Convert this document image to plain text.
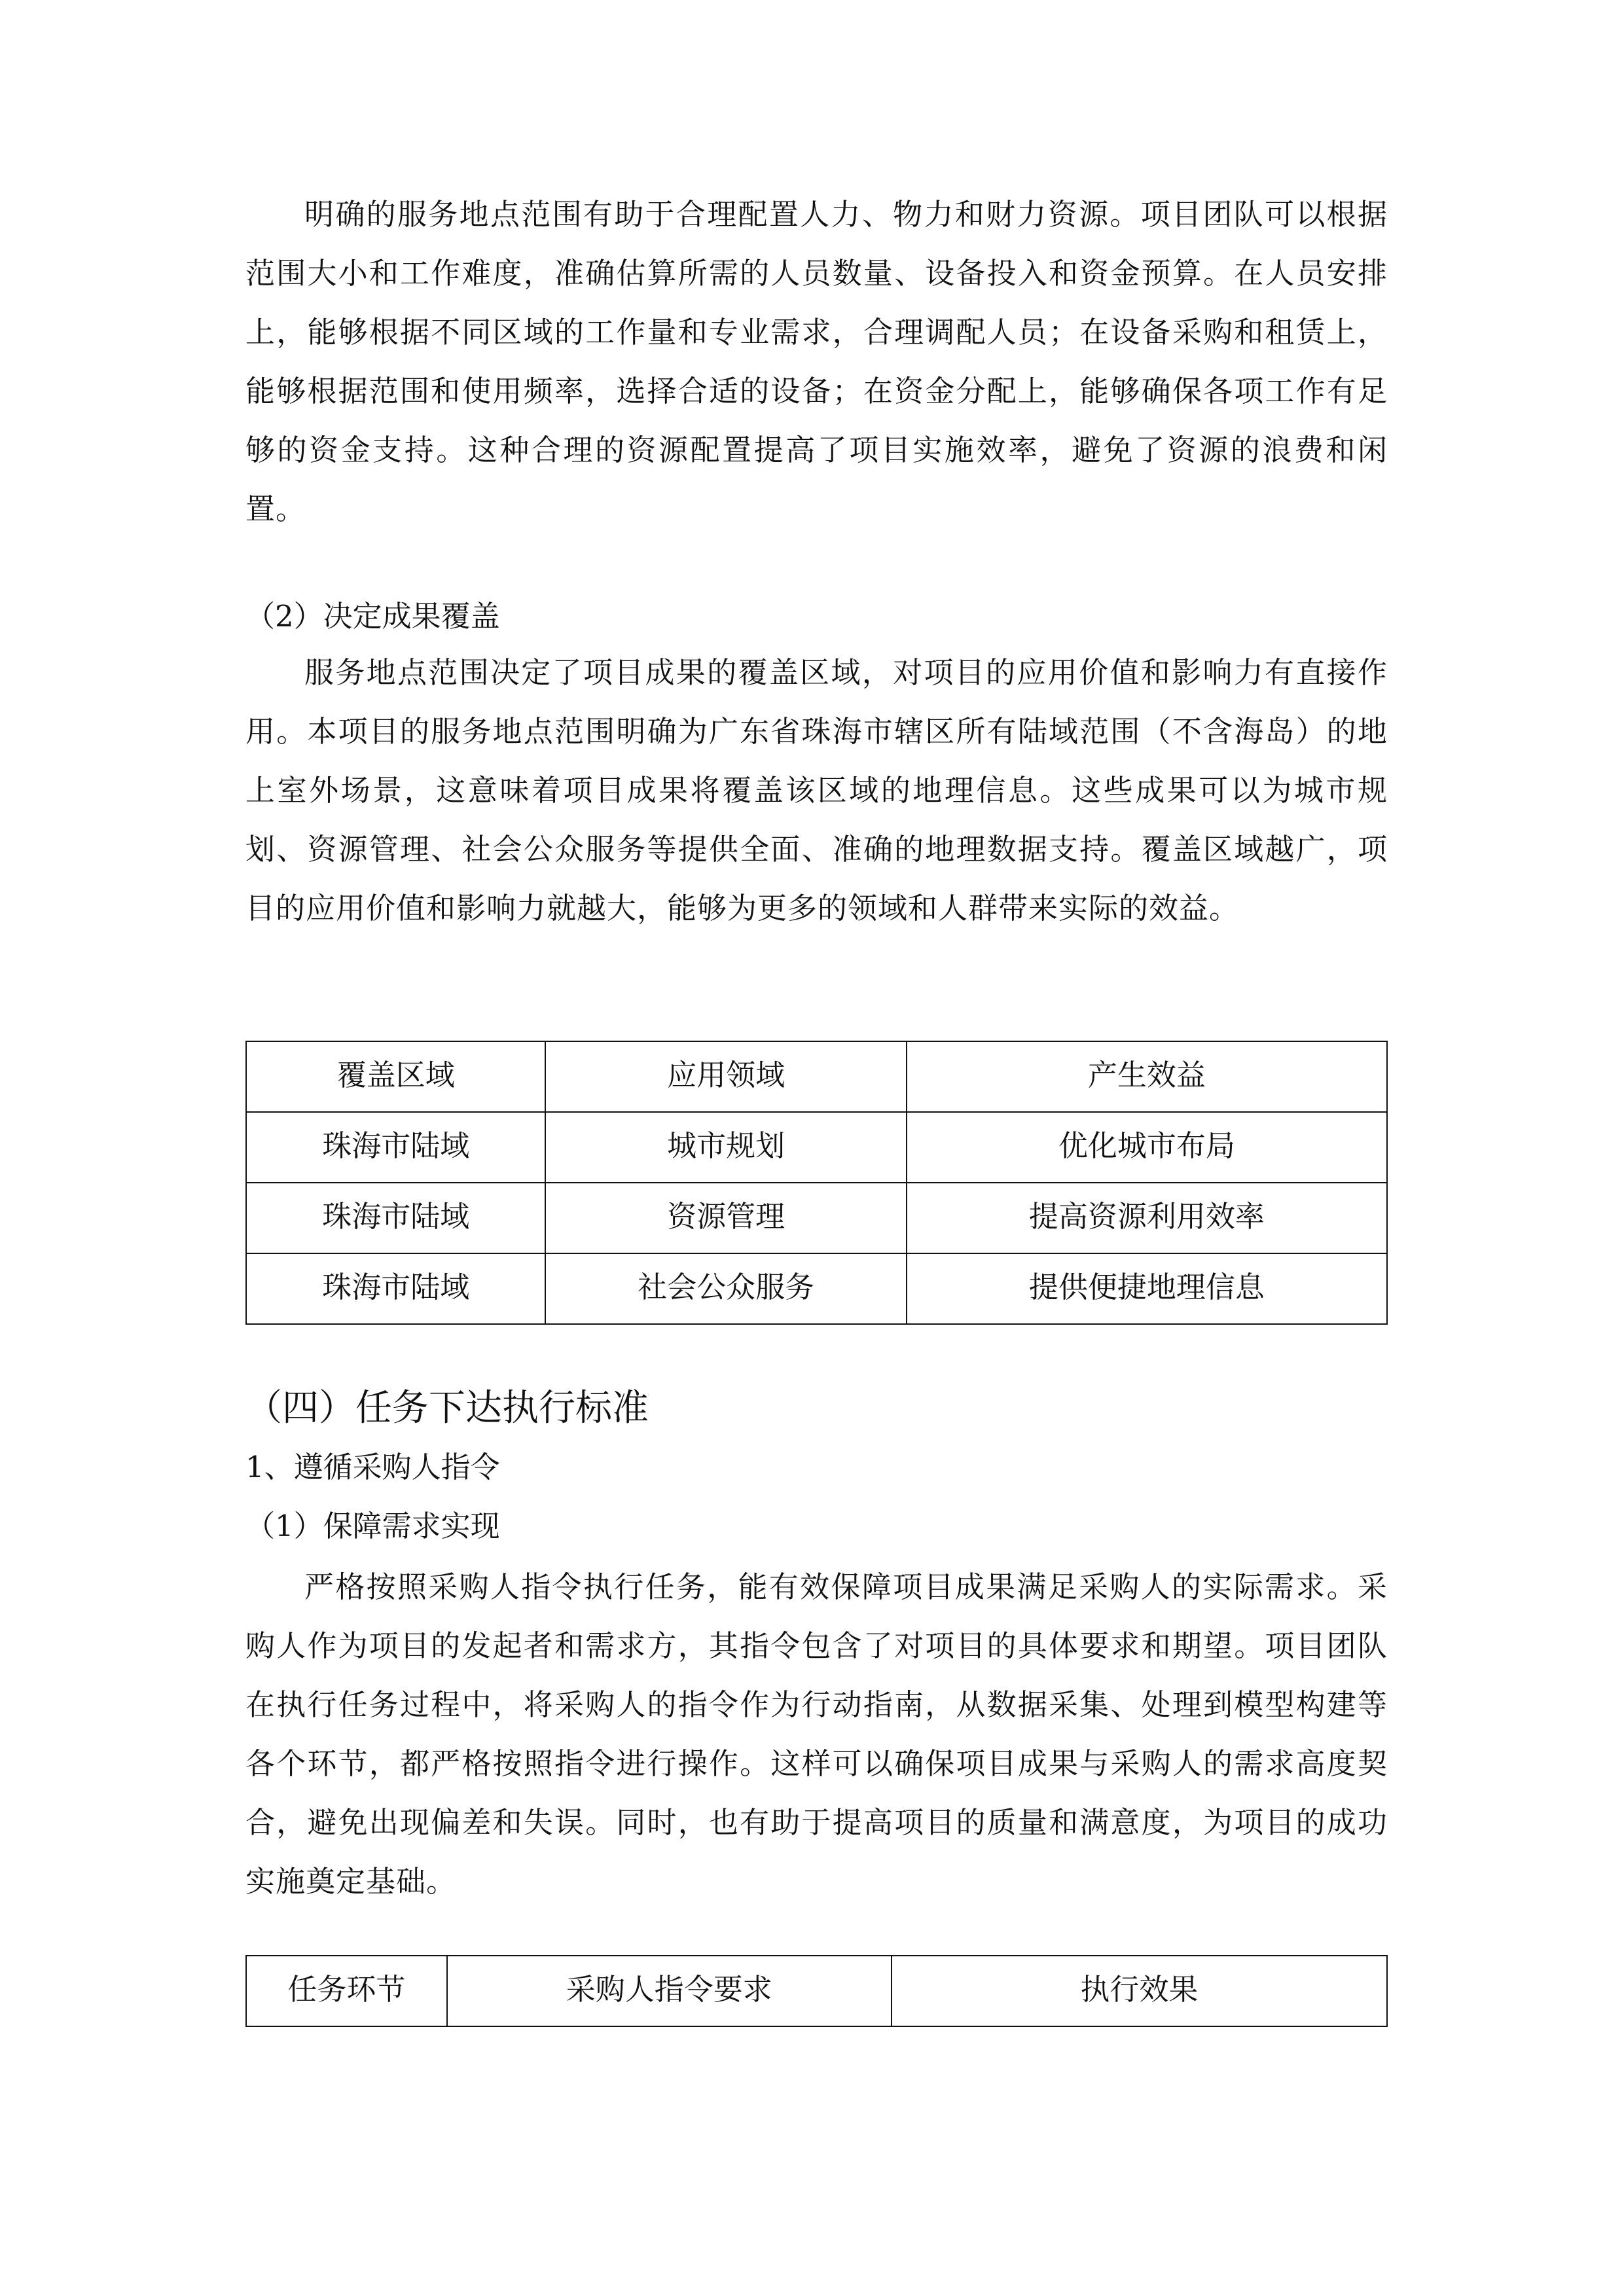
明确的服务地点范围有助于合理配置人力、物力和财力资源。项目团队可以根据范围大小和工作难度，准确估算所需的人员数量、设备投入和资金预算。在人员安排上，能够根据不同区域的工作量和专业需求，合理调配人员；在设备采购和租赁上，能够根据范围和使用频率，选择合适的设备；在资金分配上，能够确保各项工作有足够的资金支持。这种合理的资源配置提高了项目实施效率，避免了资源的浪费和闲置。

（2）决定成果覆盖

服务地点范围决定了项目成果的覆盖区域，对项目的应用价值和影响力有直接作用。本项目的服务地点范围明确为广东省珠海市辖区所有陆域范围（不含海岛）的地上室外场景，这意味着项目成果将覆盖该区域的地理信息。这些成果可以为城市规划、资源管理、社会公众服务等提供全面、准确的地理数据支持。覆盖区域越广，项目的应用价值和影响力就越大，能够为更多的领域和人群带来实际的效益。

覆盖区域	应用领域	产生效益
珠海市陆域	城市规划	优化城市布局
珠海市陆域	资源管理	提高资源利用效率
珠海市陆域	社会公众服务	提供便捷地理信息
（四）任务下达执行标准

1、遵循采购人指令

（1）保障需求实现

严格按照采购人指令执行任务，能有效保障项目成果满足采购人的实际需求。采购人作为项目的发起者和需求方，其指令包含了对项目的具体要求和期望。项目团队在执行任务过程中，将采购人的指令作为行动指南，从数据采集、处理到模型构建等各个环节，都严格按照指令进行操作。这样可以确保项目成果与采购人的需求高度契合，避免出现偏差和失误。同时，也有助于提高项目的质量和满意度，为项目的成功实施奠定基础。

任务环节	采购人指令要求	执行效果
